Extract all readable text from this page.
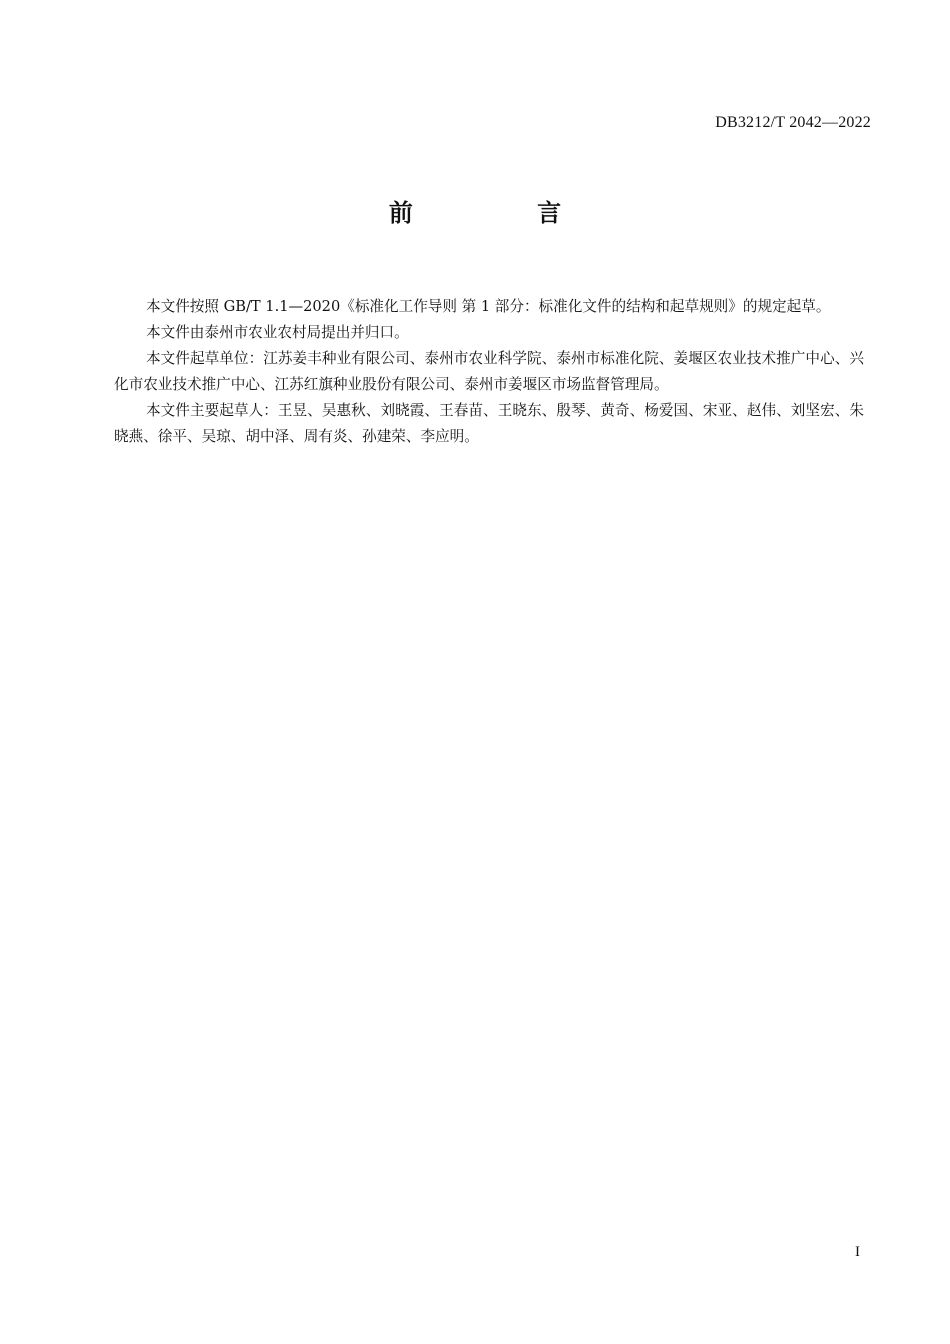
DB3212/T 2042—2022
前 言

本文件按照 GB/T 1.1—2020《标准化工作导则 第 1 部分：标准化文件的结构和起草规则》的规定起草。

本文件由泰州市农业农村局提出并归口。

本文件起草单位：江苏姜丰种业有限公司、泰州市农业科学院、泰州市标准化院、姜堰区农业技术推广中心、兴化市农业技术推广中心、江苏红旗种业股份有限公司、泰州市姜堰区市场监督管理局。

本文件主要起草人：王昱、吴惠秋、刘晓霞、王春苗、王晓东、殷琴、黄奇、杨爱国、宋亚、赵伟、刘坚宏、朱晓燕、徐平、吴琼、胡中泽、周有炎、孙建荣、李应明。

I
